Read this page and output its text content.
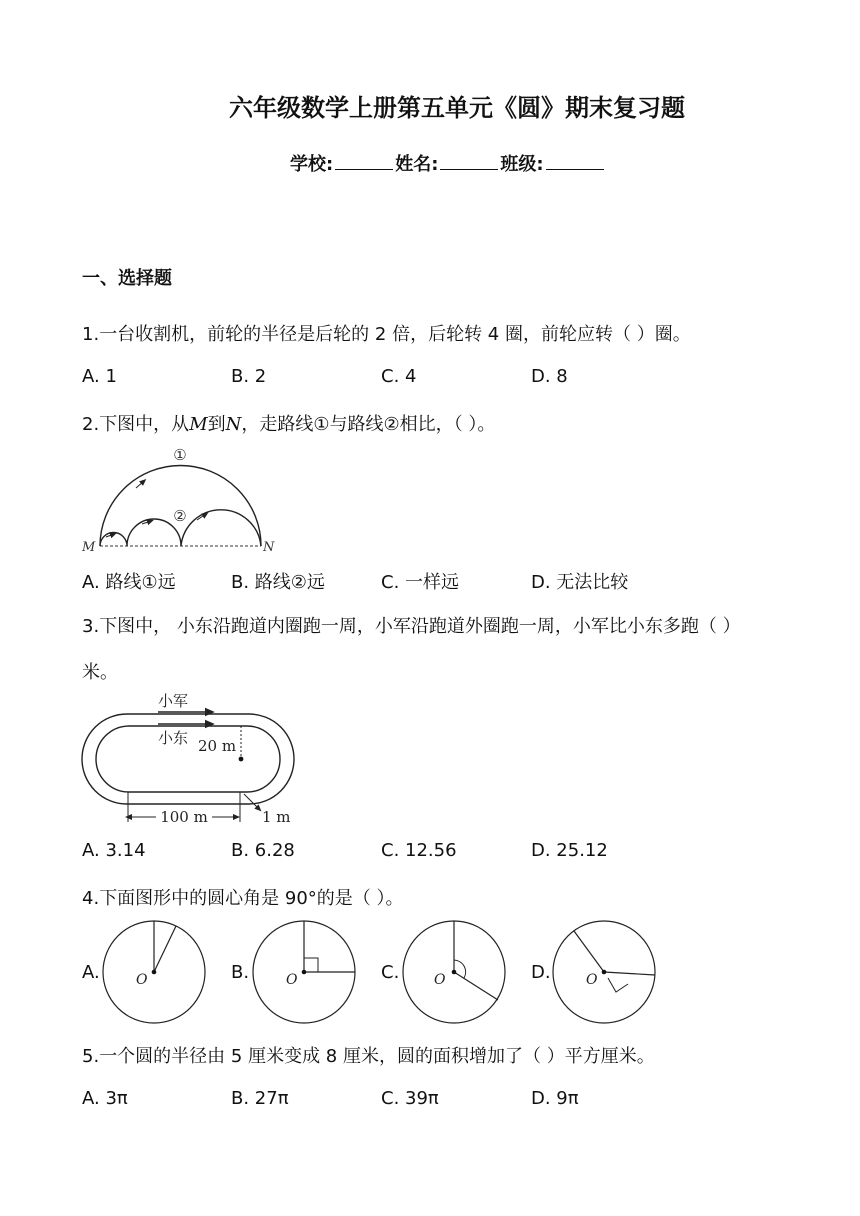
六年级数学上册第五单元《圆》期末复习题
学校:	姓名:	班级:
一、选择题
1.一台收割机，前轮的半径是后轮的 2 倍，后轮转 4 圈，前轮应转（ ）圈。
A. 1	B. 2	C. 4	D. 8
2.下图中，从M到N，走路线①与路线②相比，（ ）。
①
②
M	N
A. 路线①远	B. 路线②远	C. 一样远	D. 无法比较
3.下图中， 小东沿跑道内圈跑一周，小军沿跑道外圈跑一周，小军比小东多跑（ ）
米。
小军
小东 20 m
100 m	1 m
A. 3.14	B. 6.28	C. 12.56	D. 25.12
4.下面图形中的圆心角是 90°的是（ ）。
A.	O	B.	O	C. O	D.	O
5.一个圆的半径由 5 厘米变成 8 厘米，圆的面积增加了（ ）平方厘米。
A. 3π	B. 27π	C. 39π	D. 9π
